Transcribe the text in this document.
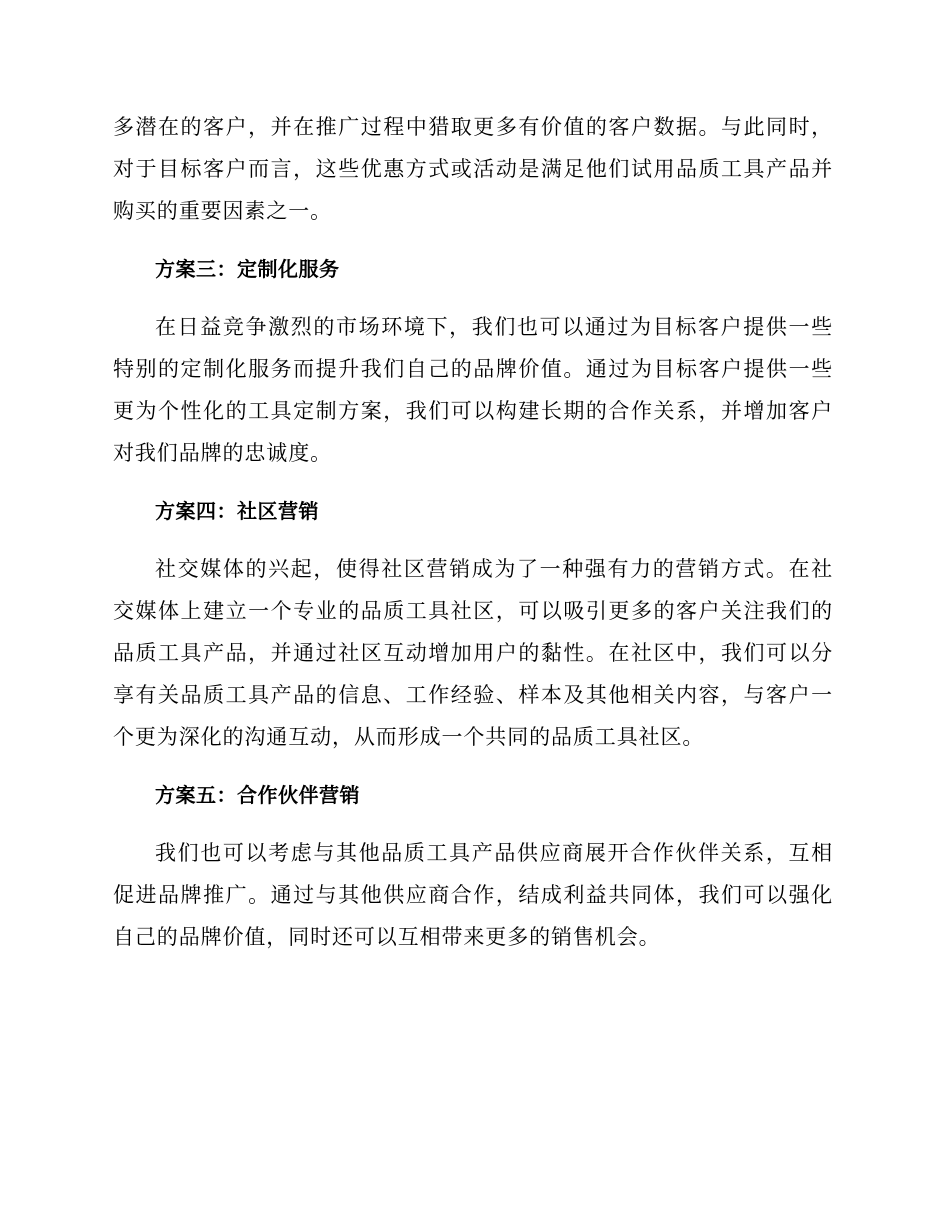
多潜在的客户，并在推广过程中猎取更多有价值的客户数据。与此同时，对于目标客户而言，这些优惠方式或活动是满足他们试用品质工具产品并购买的重要因素之一。

方案三：定制化服务

在日益竞争激烈的市场环境下，我们也可以通过为目标客户提供一些特别的定制化服务而提升我们自己的品牌价值。通过为目标客户提供一些更为个性化的工具定制方案，我们可以构建长期的合作关系，并增加客户对我们品牌的忠诚度。

方案四：社区营销

社交媒体的兴起，使得社区营销成为了一种强有力的营销方式。在社交媒体上建立一个专业的品质工具社区，可以吸引更多的客户关注我们的品质工具产品，并通过社区互动增加用户的黏性。在社区中，我们可以分享有关品质工具产品的信息、工作经验、样本及其他相关内容，与客户一个更为深化的沟通互动，从而形成一个共同的品质工具社区。

方案五：合作伙伴营销

我们也可以考虑与其他品质工具产品供应商展开合作伙伴关系，互相促进品牌推广。通过与其他供应商合作，结成利益共同体，我们可以强化自己的品牌价值，同时还可以互相带来更多的销售机会。
